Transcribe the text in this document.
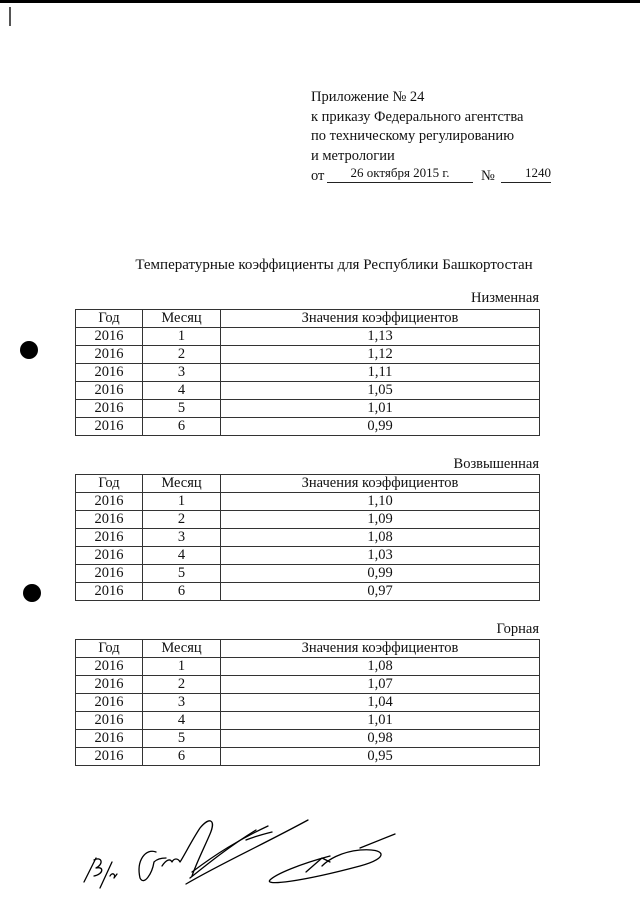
Приложение № 24
к приказу Федерального агентства
по техническому регулированию
и метрологии
от	26 октября 2015 г.	№	1240
Температурные коэффициенты для Республики Башкортостан
Низменная
Год	Месяц	Значения коэффициентов
2016	1	1,13
2016	2	1,12
2016	3	1,11
2016	4	1,05
2016	5	1,01
2016	6	0,99
Возвышенная
Год	Месяц	Значения коэффициентов
2016	1	1,10
2016	2	1,09
2016	3	1,08
2016	4	1,03
2016	5	0,99
2016	6	0,97
Горная
Год	Месяц	Значения коэффициентов
2016	1	1,08
2016	2	1,07
2016	3	1,04
2016	4	1,01
2016	5	0,98
2016	6	0,95
